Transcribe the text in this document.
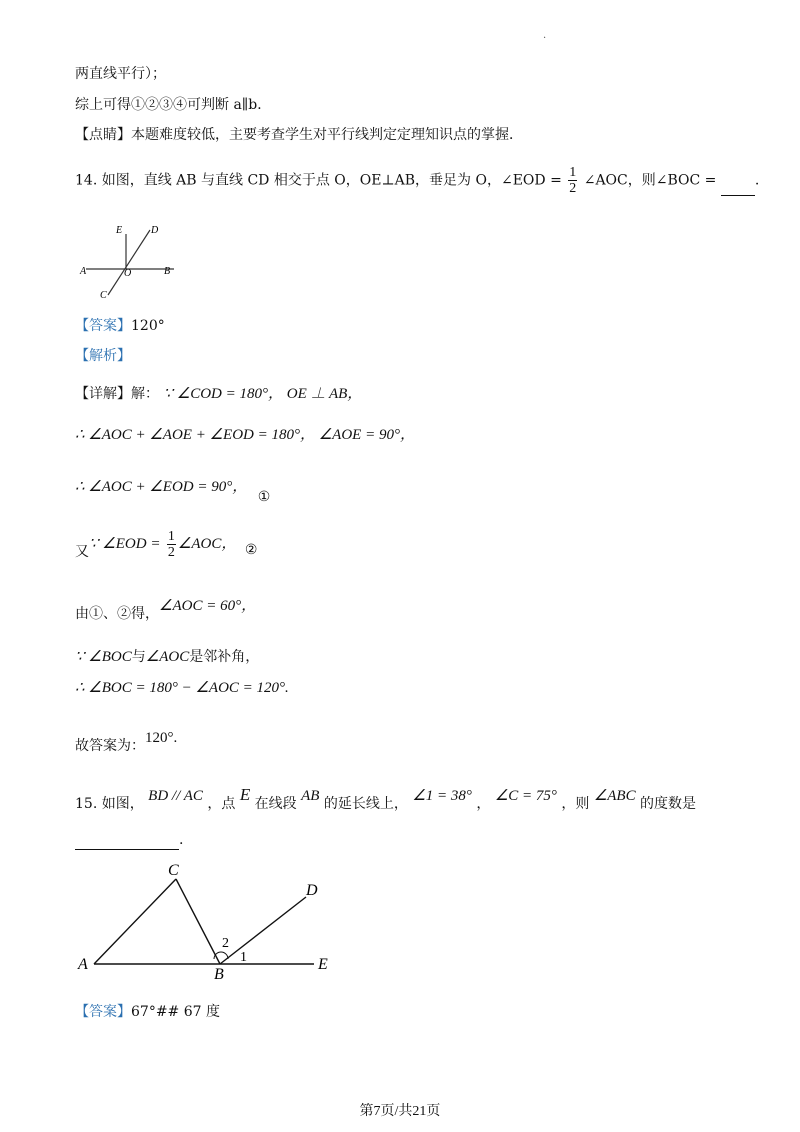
.
两直线平行）；
综上可得①②③④可判断 a∥b．
【点睛】本题难度较低，主要考查学生对平行线判定定理知识点的掌握．
14. 如图，直线 AB 与直线 CD 相交于点 O，OE⊥AB，垂足为 O，∠EOD = $\frac{1}{2}$ ∠AOC，则∠BOC =	.
E	D
A	O	B
C
【答案】120°
【解析】
【详解】解： ∵ ∠COD = 180°， OE ⊥ AB，
∴ ∠AOC + ∠AOE + ∠EOD = 180°， ∠AOE = 90°，
∴ ∠AOC + ∠EOD = 90°， ①
又∵ ∠EOD = $\frac{1}{2}$ ∠AOC， ②
由①、②得，∠AOC = 60°，
∵ ∠BOC与∠AOC是邻补角，
∴ ∠BOC = 180° − ∠AOC = 120°.
故答案为：120°.
15. 如图， BD // AC ，点 E 在线段 AB 的延长线上， ∠1 = 38° ， ∠C = 75° ，则 ∠ABC 的度数是
.
C
D
A
B
E
1
2
【答案】67°## 67 度
第7页/共21页
